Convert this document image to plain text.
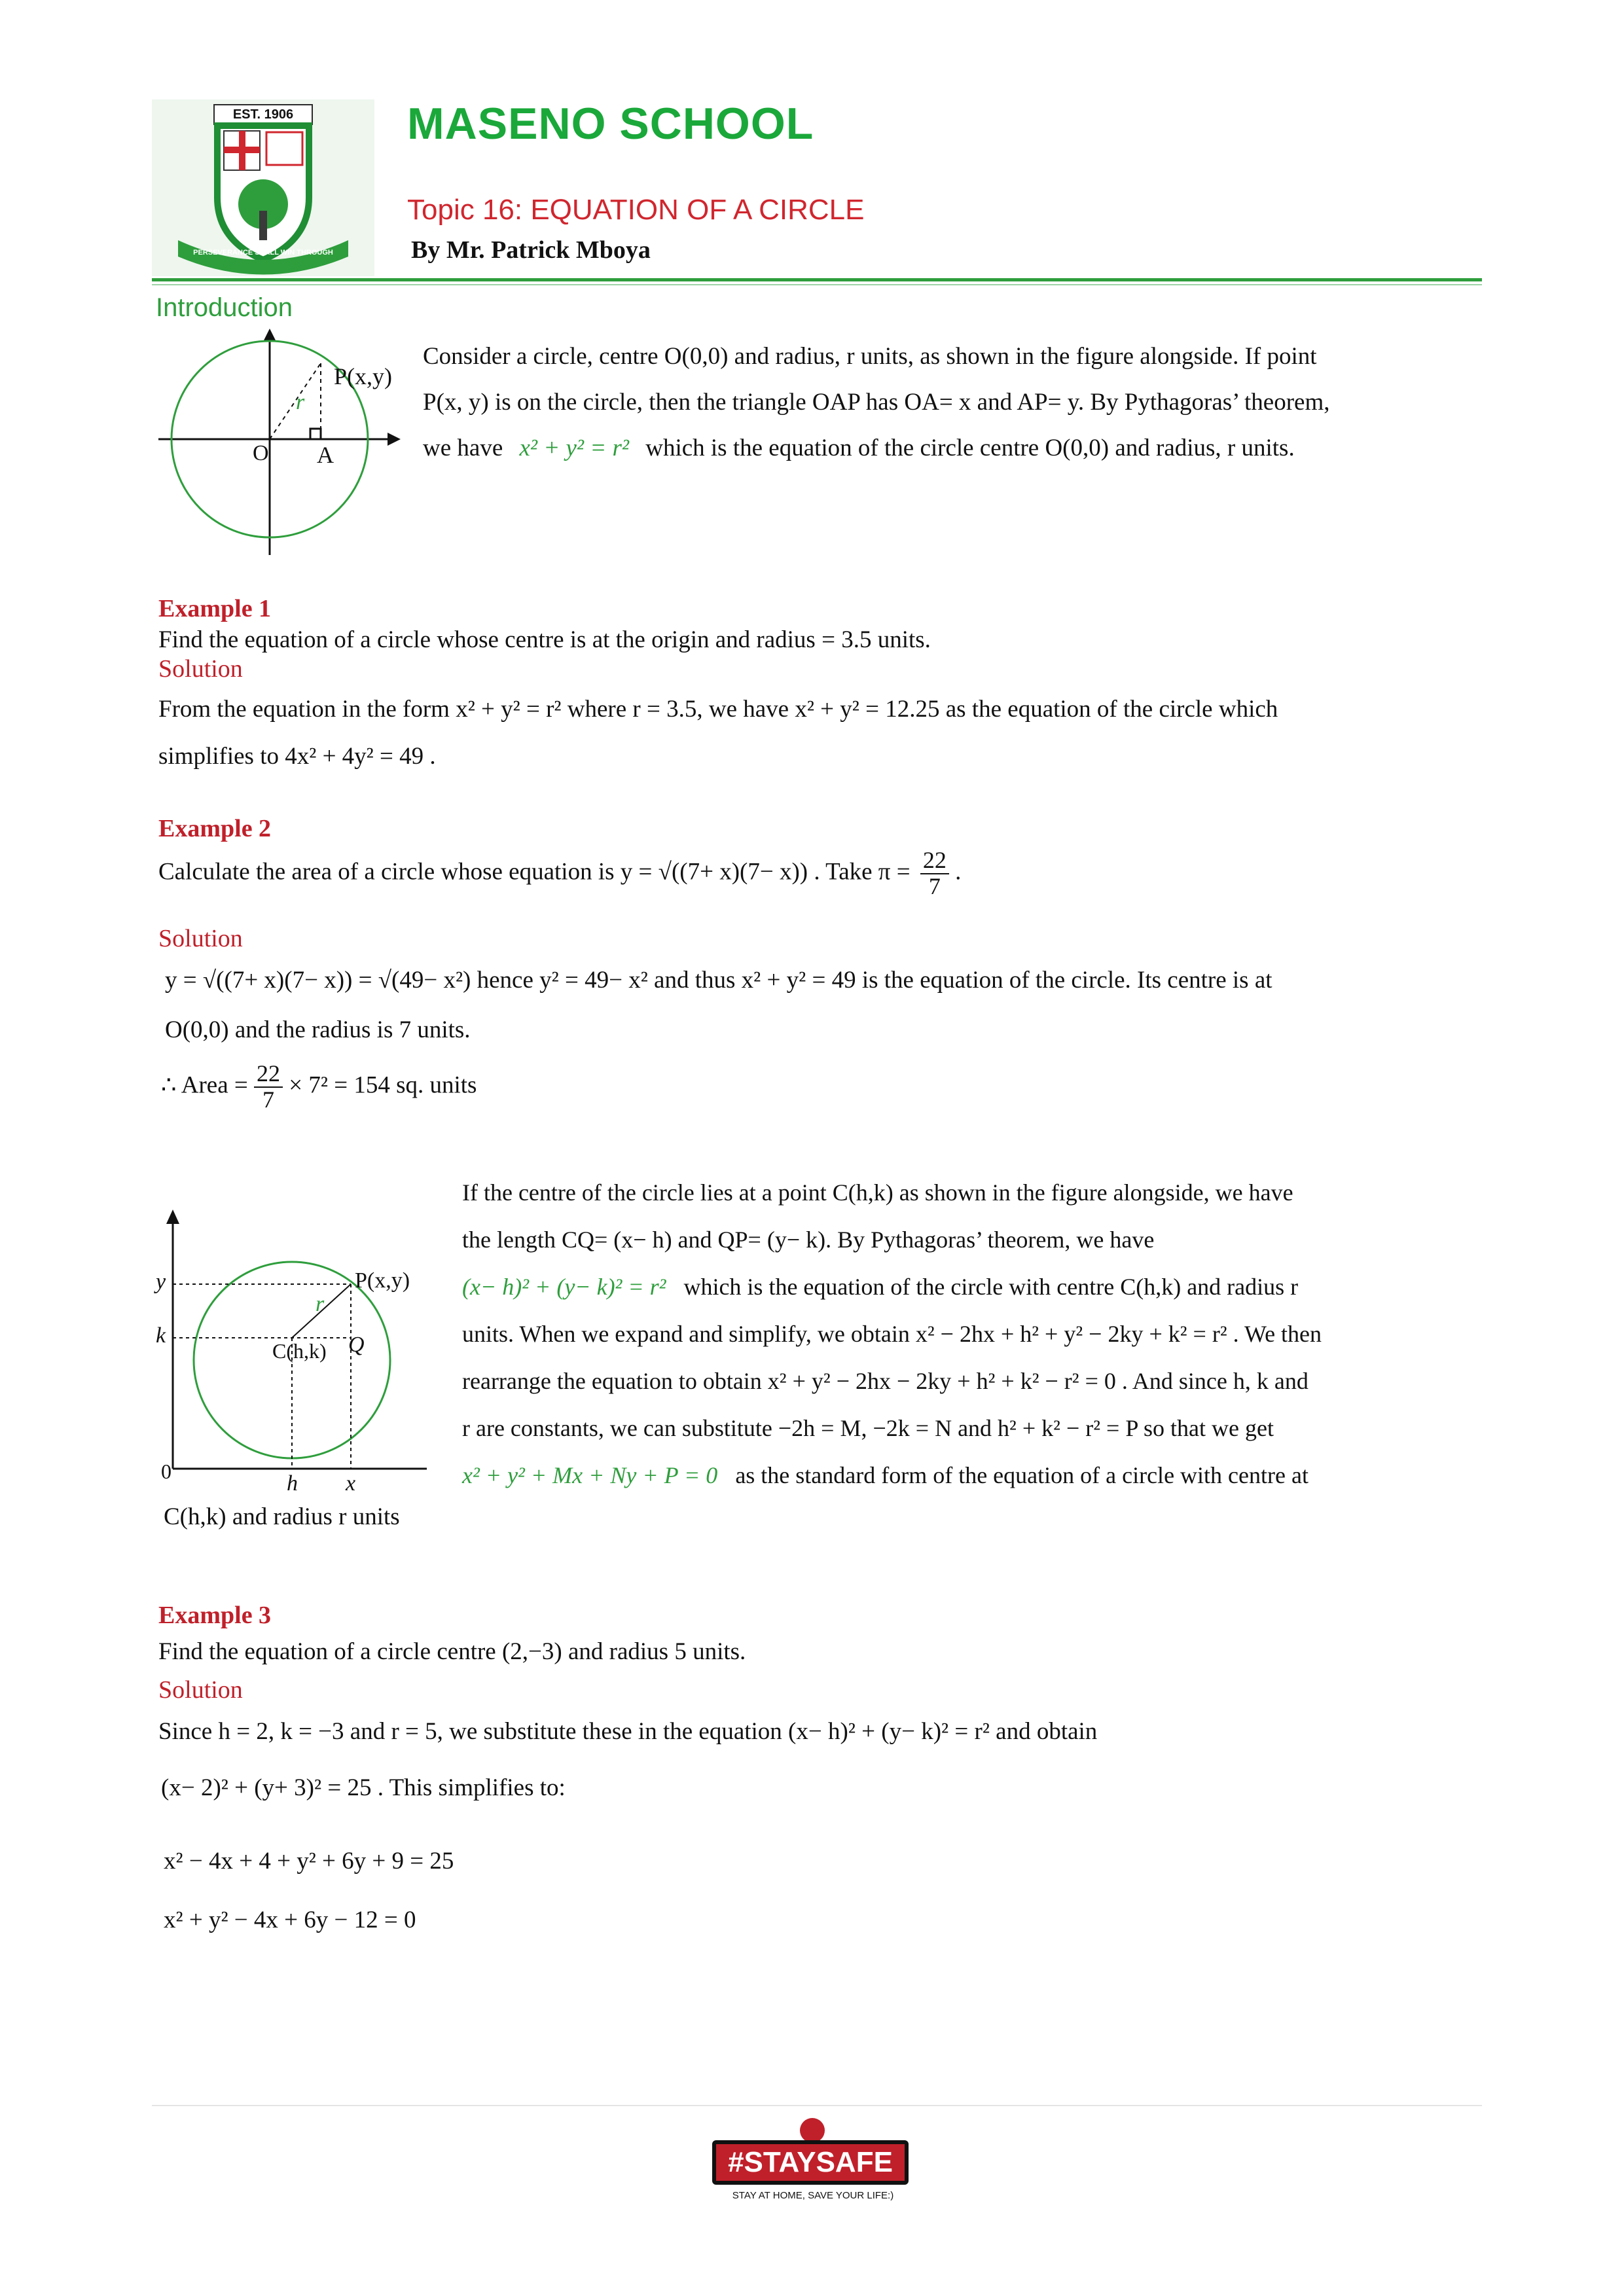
EST. 1906
PERSEVERANCE SHALL WIN THROUGH
MASENO SCHOOL
Topic 16: EQUATION OF A CIRCLE
By Mr. Patrick Mboya
Introduction
P(x,y)
r
O A
Consider a circle, centre O(0,0) and radius, r units, as shown in the figure alongside. If point
P(x, y) is on the circle, then the triangle OAP has OA= x and AP= y. By Pythagoras’ theorem,
we have x² + y² = r² which is the equation of the circle centre O(0,0) and radius, r units.
Example 1
Find the equation of a circle whose centre is at the origin and radius = 3.5 units.
Solution
From the equation in the form x² + y² = r² where r = 3.5, we have x² + y² = 12.25 as the equation of the circle which
simplifies to 4x² + 4y² = 49 .
Example 2
Calculate the area of a circle whose equation is y = √((7+ x)(7− x)) . Take $\pi = \frac{22}{7}$ .
Solution
y = √((7+ x)(7− x)) = √(49− x²) hence y² = 49− x² and thus x² + y² = 49 is the equation of the circle. Its centre is at
O(0,0) and the radius is 7 units.
∴ Area = $\frac{22}{7} \times 7^2 = 154$ sq. units
y
k
P(x,y)
r
C(h,k) Q
0	h x
If the centre of the circle lies at a point C(h,k) as shown in the figure alongside, we have
the length CQ= (x− h) and QP= (y− k). By Pythagoras’ theorem, we have
(x− h)² + (y− k)² = r² which is the equation of the circle with centre C(h,k) and radius r
units. When we expand and simplify, we obtain x² − 2hx + h² + y² − 2ky + k² = r² . We then
rearrange the equation to obtain x² + y² − 2hx − 2ky + h² + k² − r² = 0 . And since h, k and
r are constants, we can substitute −2h = M, −2k = N and h² + k² − r² = P so that we get
x² + y² + Mx + Ny + P = 0 as the standard form of the equation of a circle with centre at
C(h,k) and radius r units
Example 3
Find the equation of a circle centre (2,−3) and radius 5 units.
Solution
Since h = 2, k = −3 and r = 5, we substitute these in the equation (x− h)² + (y− k)² = r² and obtain
(x− 2)² + (y+ 3)² = 25 . This simplifies to:
x² − 4x + 4 + y² + 6y + 9 = 25
x² + y² − 4x + 6y − 12 = 0
#STAYSAFE
STAY AT HOME, SAVE YOUR LIFE:)
